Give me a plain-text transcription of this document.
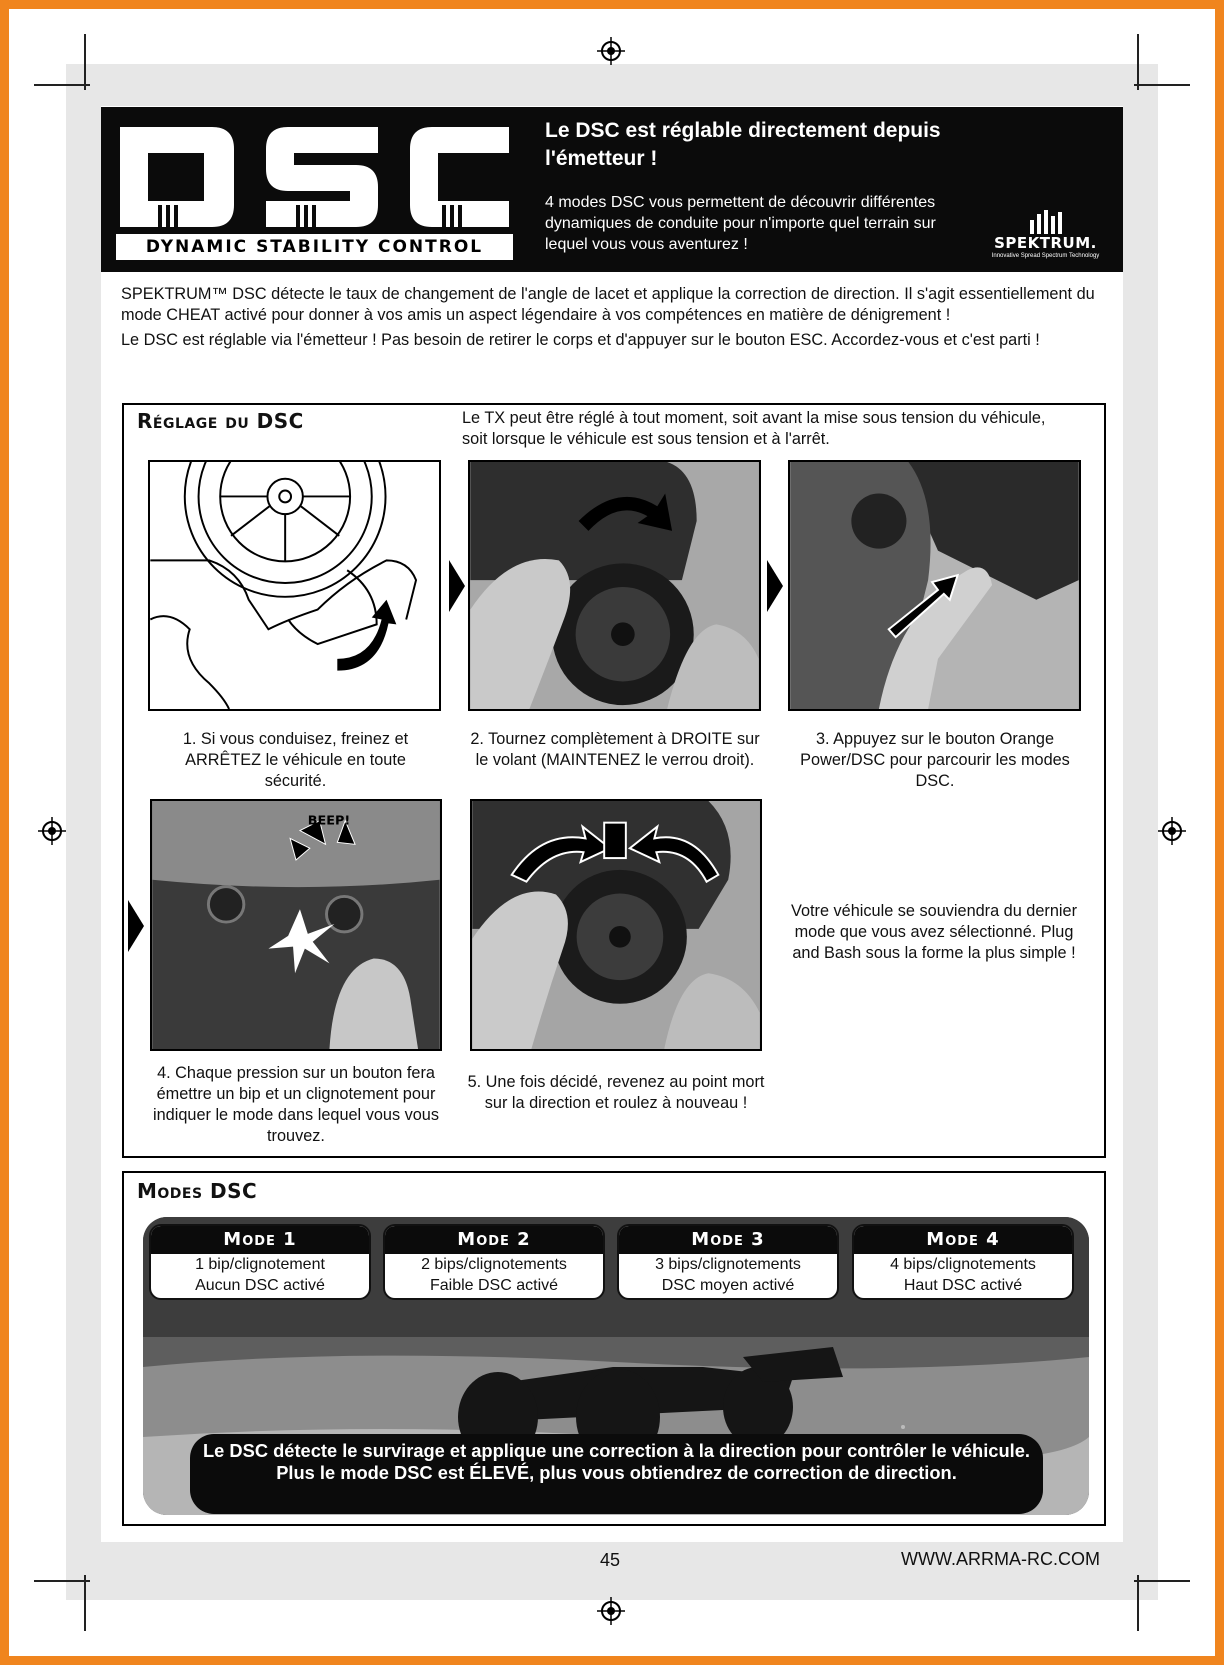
DYNAMIC STABILITY CONTROL
Le DSC est réglable directement depuis l'émetteur !
4 modes DSC vous permettent de découvrir différentes dynamiques de conduite pour n'importe quel terrain sur lequel vous vous aventurez !	SPEKTRUM.
Innovative Spread Spectrum Technology

SPEKTRUM™ DSC détecte le taux de changement de l'angle de lacet et applique la correction de direction. Il s'agit essentiellement du mode CHEAT activé pour donner à vos amis un aspect légendaire à vos compétences en matière de dénigrement !

Le DSC est réglable via l'émetteur ! Pas besoin de retirer le corps et d'appuyer sur le bouton ESC. Accordez-vous et c'est parti !

Réglage du DSC	Le TX peut être réglé à tout moment, soit avant la mise sous tension du véhicule, soit lorsque le véhicule est sous tension et à l'arrêt.
1. Si vous conduisez, freinez et ARRÊTEZ le véhicule en toute sécurité.
2. Tournez complètement à DROITE sur le volant (MAINTENEZ le verrou droit).
3. Appuyez sur le bouton Orange Power/DSC pour parcourir les modes DSC.
BEEP!
4. Chaque pression sur un bouton fera émettre un bip et un clignotement pour indiquer le mode dans lequel vous vous trouvez.
5. Une fois décidé, revenez au point mort sur la direction et roulez à nouveau !
Votre véhicule se souviendra du dernier mode que vous avez sélectionné. Plug and Bash sous la forme la plus simple !
Modes DSC
Mode 1
1 bip/clignotement
Aucun DSC activé
Mode 2
2 bips/clignotements
Faible DSC activé
Mode 3
3 bips/clignotements
DSC moyen activé
Mode 4
4 bips/clignotements
Haut DSC activé
Le DSC détecte le survirage et applique une correction à la direction pour contrôler le véhicule.
Plus le mode DSC est ÉLEVÉ, plus vous obtiendrez de correction de direction.
45	WWW.ARRMA-RC.COM
